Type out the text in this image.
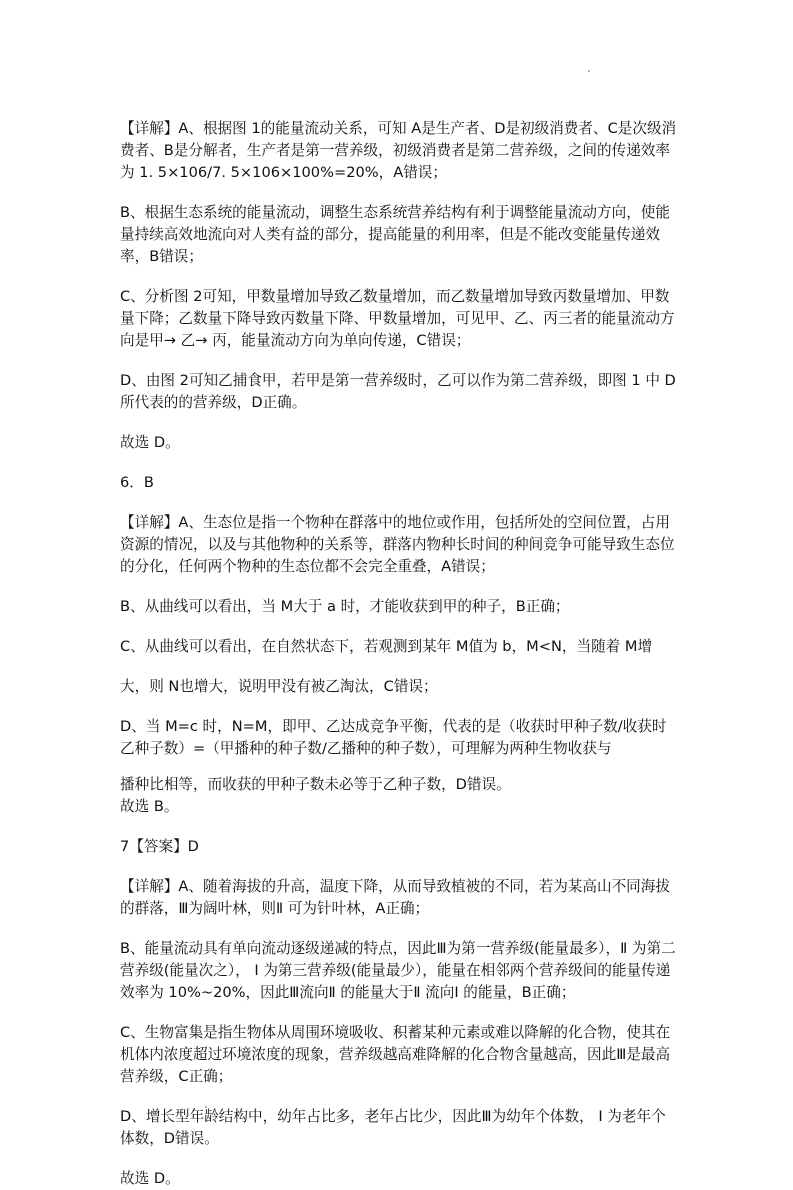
【详解】A、根据图 1的能量流动关系，可知 A是生产者、D是初级消费者、C是次级消费者、B是分解者，生产者是第一营养级，初级消费者是第二营养级，之间的传递效率为 1. 5×106/7. 5×106×100%=20%，A错误；

B、根据生态系统的能量流动，调整生态系统营养结构有利于调整能量流动方向，使能量持续高效地流向对人类有益的部分，提高能量的利用率，但是不能改变能量传递效率，B错误；

C、分析图 2可知，甲数量增加导致乙数量增加，而乙数量增加导致丙数量增加、甲数量下降；乙数量下降导致丙数量下降、甲数量增加，可见甲、乙、丙三者的能量流动方向是甲→ 乙→ 丙，能量流动方向为单向传递，C错误；

D、由图 2可知乙捕食甲，若甲是第一营养级时，乙可以作为第二营养级，即图 1 中 D所代表的的营养级，D正确。

故选 D。

6．B

【详解】A、生态位是指一个物种在群落中的地位或作用，包括所处的空间位置，占用资源的情况，以及与其他物种的关系等，群落内物种长时间的种间竞争可能导致生态位的分化，任何两个物种的生态位都不会完全重叠，A错误；

B、从曲线可以看出，当 M大于 a 时，才能收获到甲的种子，B正确；

C、从曲线可以看出，在自然状态下，若观测到某年 M值为 b，M<N，当随着 M增

大，则 N也增大，说明甲没有被乙淘汰，C错误；

D、当 M=c 时，N=M，即甲、乙达成竞争平衡，代表的是（收获时甲种子数/收获时乙种子数）=（甲播种的种子数/乙播种的种子数），可理解为两种生物收获与

播种比相等，而收获的甲种子数未必等于乙种子数，D错误。

故选 B。

7【答案】D

【详解】A、随着海拔的升高，温度下降，从而导致植被的不同，若为某高山不同海拔的群落，Ⅲ为阔叶林，则Ⅱ 可为针叶林，A正确；

B、能量流动具有单向流动逐级递减的特点，因此Ⅲ为第一营养级(能量最多），Ⅱ 为第二营养级(能量次之）， Ⅰ 为第三营养级(能量最少），能量在相邻两个营养级间的能量传递效率为 10%~20%，因此Ⅲ流向Ⅱ 的能量大于Ⅱ 流向Ⅰ 的能量，B正确；

C、生物富集是指生物体从周围环境吸收、积蓄某种元素或难以降解的化合物，使其在机体内浓度超过环境浓度的现象，营养级越高难降解的化合物含量越高，因此Ⅲ是最高营养级，C正确；

D、增长型年龄结构中，幼年占比多，老年占比少，因此Ⅲ为幼年个体数， Ⅰ 为老年个体数，D错误。

故选 D。
